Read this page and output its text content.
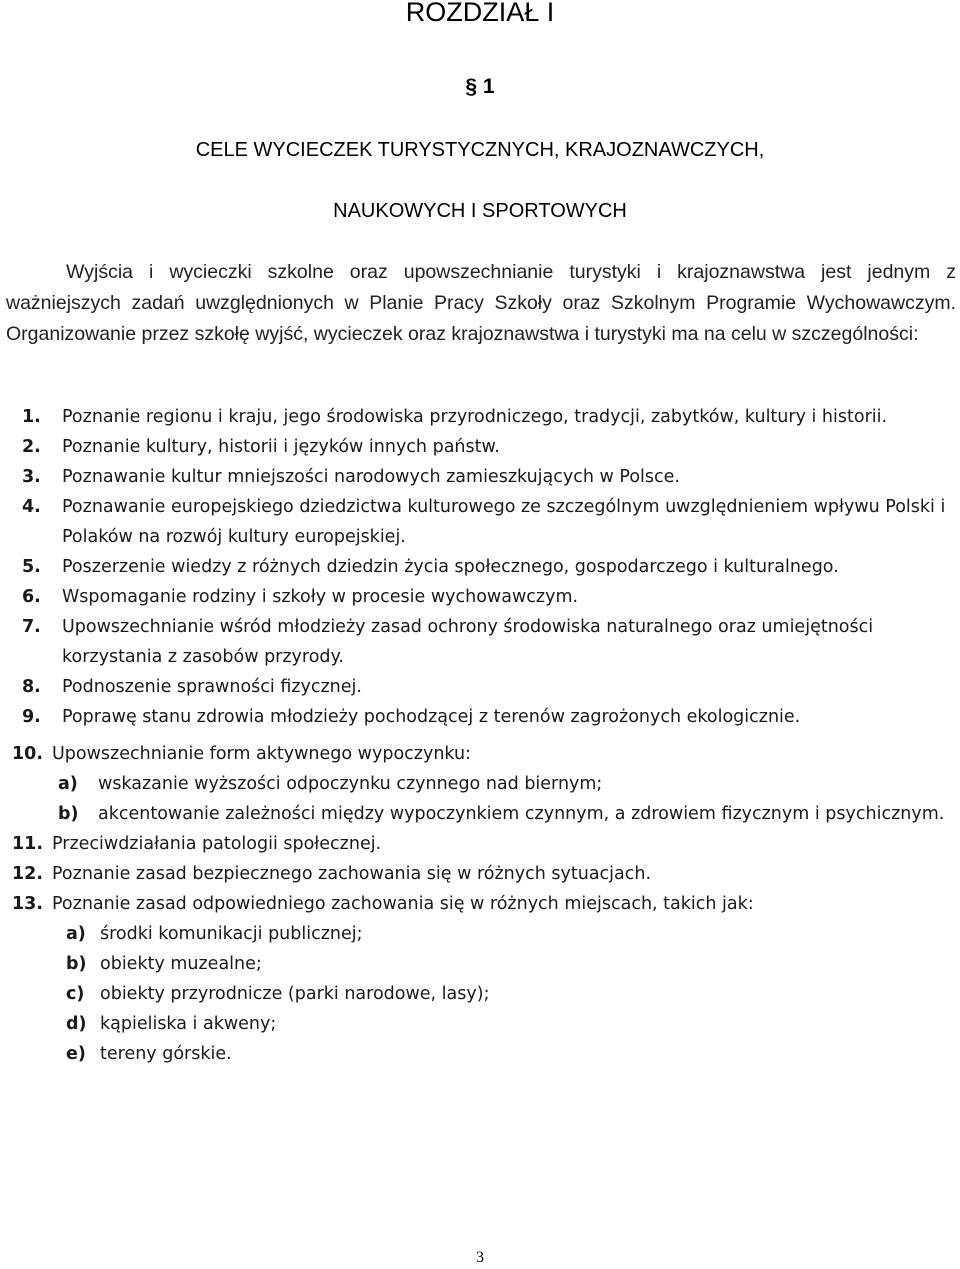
ROZDZIAŁ I
§ 1
CELE WYCIECZEK TURYSTYCZNYCH, KRAJOZNAWCZYCH,
NAUKOWYCH I SPORTOWYCH

Wyjścia i wycieczki szkolne oraz upowszechnianie turystyki i krajoznawstwa jest jednym z ważniejszych zadań uwzględnionych w Planie Pracy Szkoły oraz Szkolnym Programie Wychowawczym. Organizowanie przez szkołę wyjść, wycieczek oraz krajoznawstwa i turystyki ma na celu w szczególności:

1. Poznanie regionu i kraju, jego środowiska przyrodniczego, tradycji, zabytków, kultury i historii.
2. Poznanie kultury, historii i języków innych państw.
3. Poznawanie kultur mniejszości narodowych zamieszkujących w Polsce.
4. Poznawanie europejskiego dziedzictwa kulturowego ze szczególnym uwzględnieniem wpływu Polski i Polaków na rozwój kultury europejskiej.
5. Poszerzenie wiedzy z różnych dziedzin życia społecznego, gospodarczego i kulturalnego.
6. Wspomaganie rodziny i szkoły w procesie wychowawczym.
7. Upowszechnianie wśród młodzieży zasad ochrony środowiska naturalnego oraz umiejętności korzystania z zasobów przyrody.
8. Podnoszenie sprawności fizycznej.
9. Poprawę stanu zdrowia młodzieży pochodzącej z terenów zagrożonych ekologicznie.
10. Upowszechnianie form aktywnego wypoczynku:
a) wskazanie wyższości odpoczynku czynnego nad biernym;
b) akcentowanie zależności między wypoczynkiem czynnym, a zdrowiem fizycznym i psychicznym.
11. Przeciwdziałania patologii społecznej.
12. Poznanie zasad bezpiecznego zachowania się w różnych sytuacjach.
13. Poznanie zasad odpowiedniego zachowania się w różnych miejscach, takich jak:
a) środki komunikacji publicznej;
b) obiekty muzealne;
c) obiekty przyrodnicze (parki narodowe, lasy);
d) kąpieliska i akweny;
e) tereny górskie.
3
